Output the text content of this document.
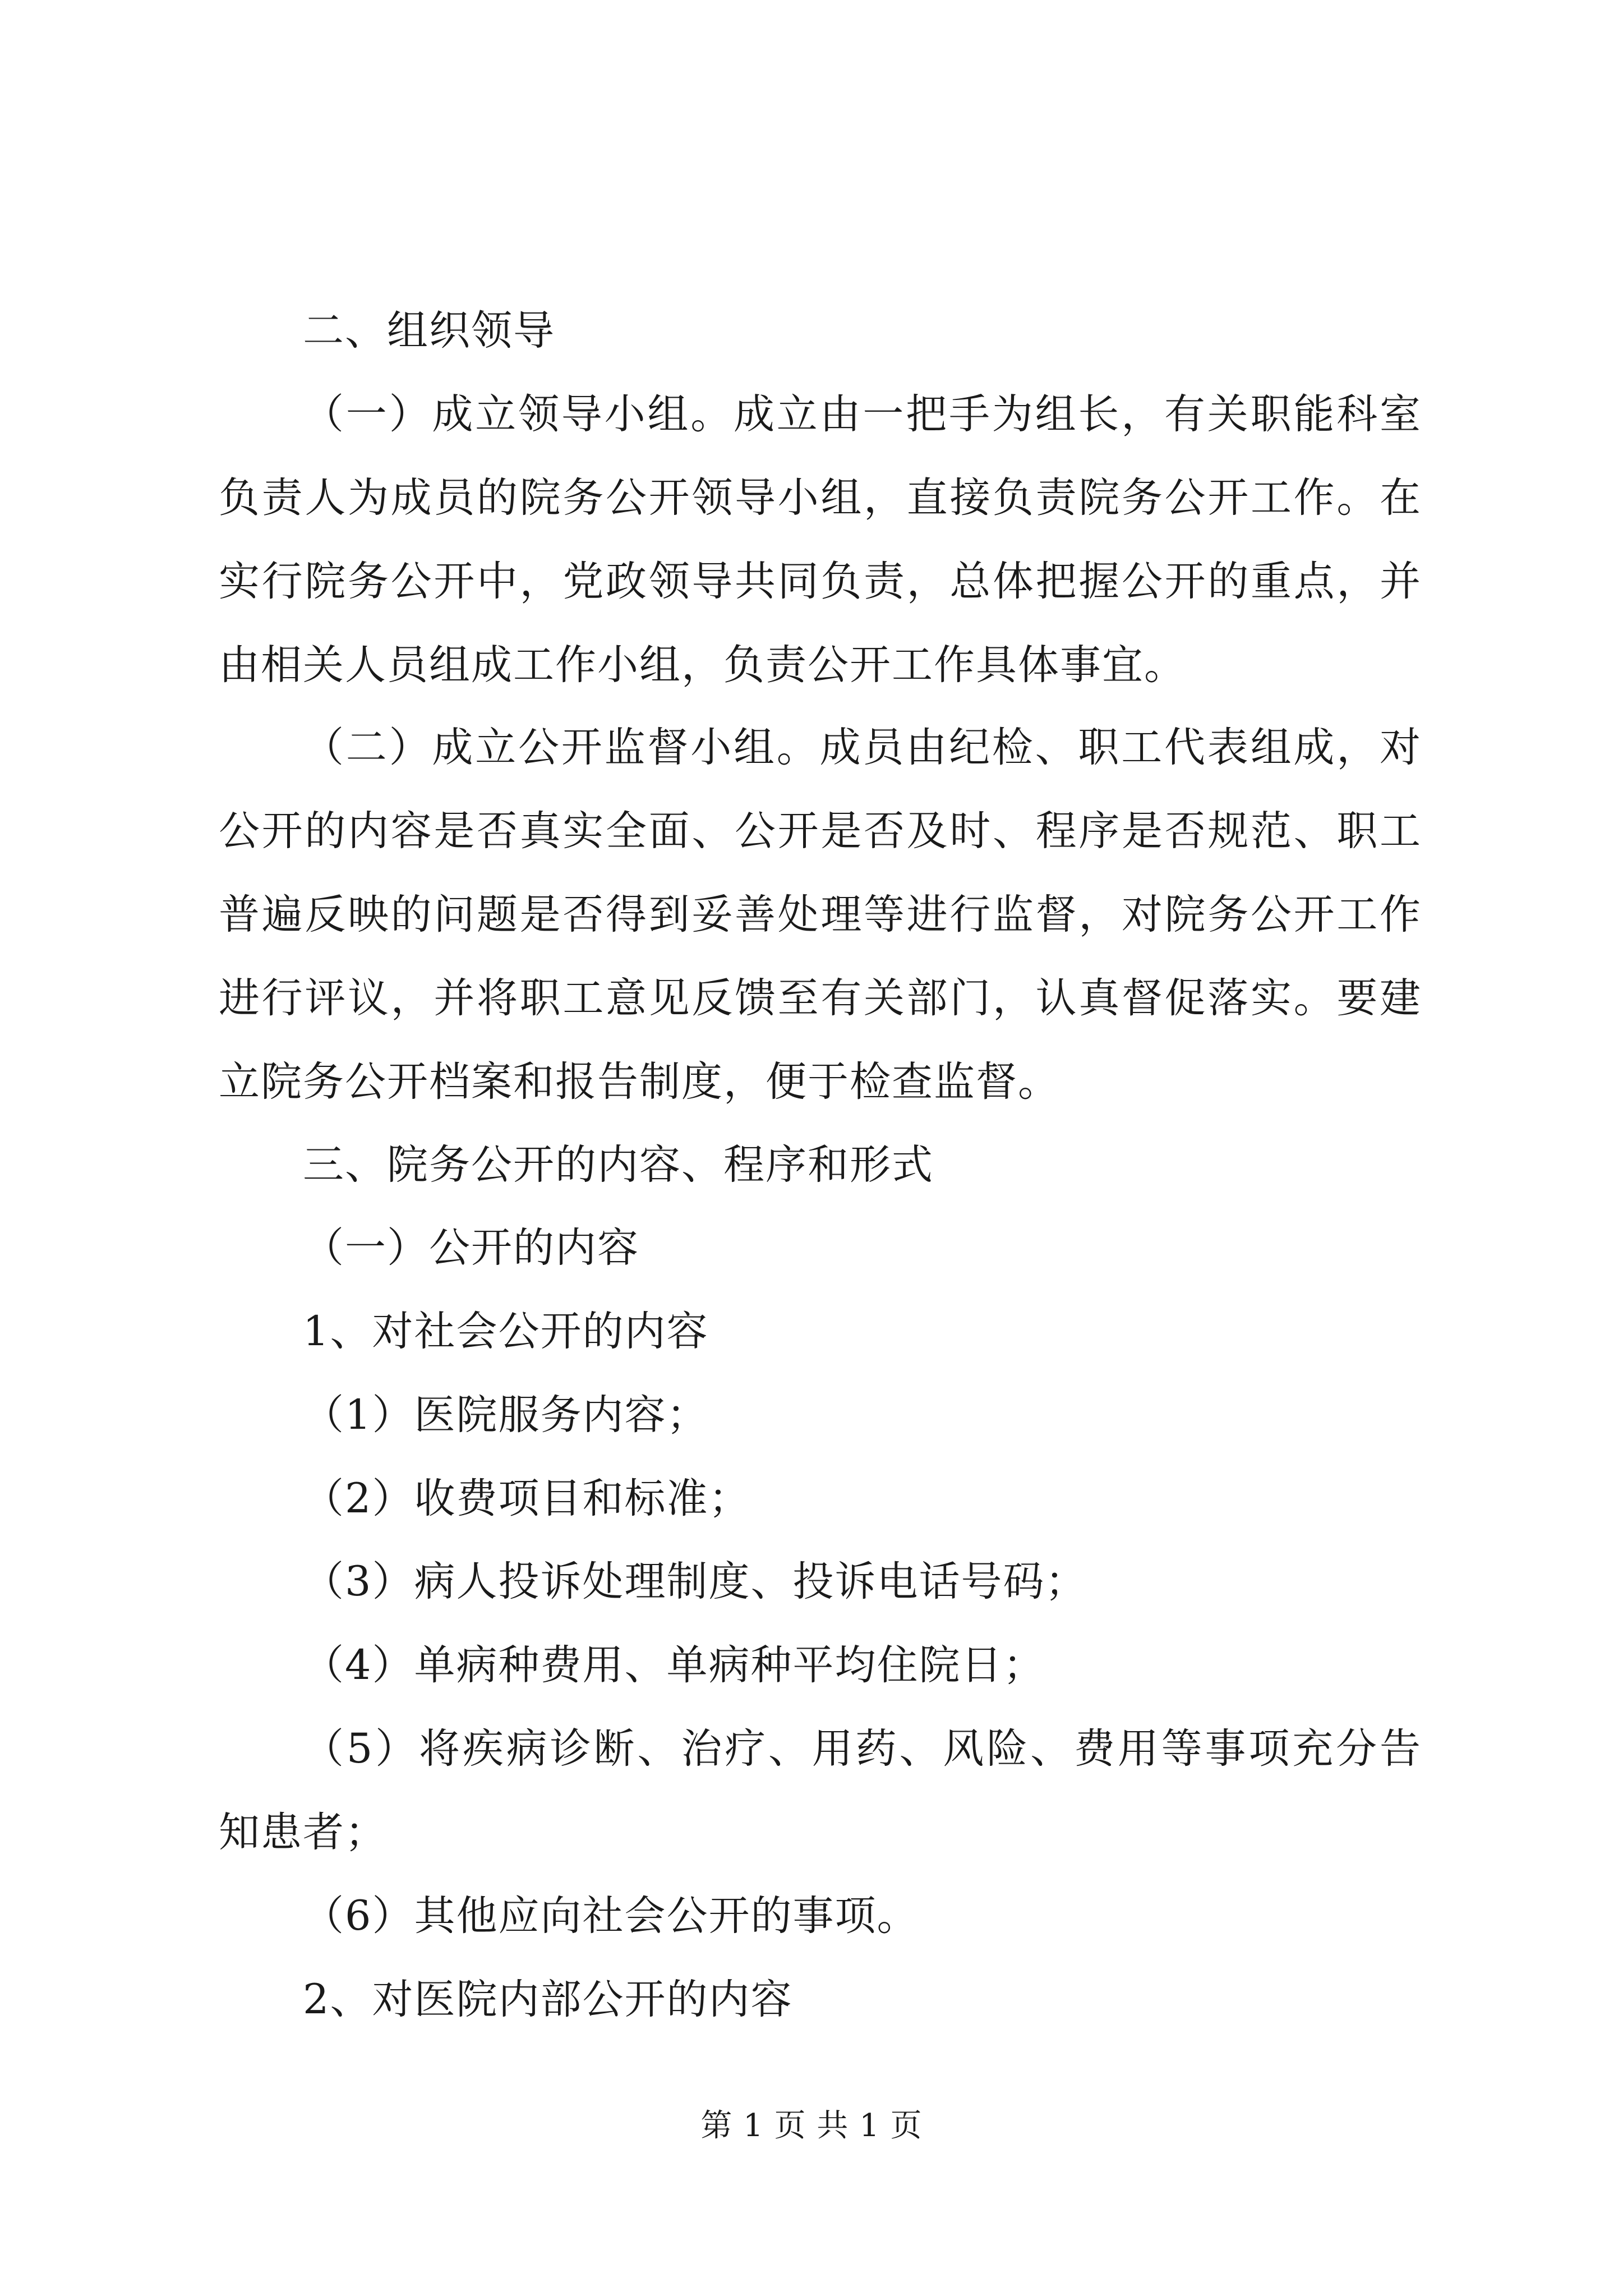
二、组织领导
（一）成立领导小组。成立由一把手为组长，有关职能科室
负责人为成员的院务公开领导小组，直接负责院务公开工作。在
实行院务公开中，党政领导共同负责，总体把握公开的重点，并
由相关人员组成工作小组，负责公开工作具体事宜。
（二）成立公开监督小组。成员由纪检、职工代表组成，对
公开的内容是否真实全面、公开是否及时、程序是否规范、职工
普遍反映的问题是否得到妥善处理等进行监督，对院务公开工作
进行评议，并将职工意见反馈至有关部门，认真督促落实。要建
立院务公开档案和报告制度，便于检查监督。
三、院务公开的内容、程序和形式
（一）公开的内容
1、对社会公开的内容
（1）医院服务内容；
（2）收费项目和标准；
（3）病人投诉处理制度、投诉电话号码；
（4）单病种费用、单病种平均住院日；
（5）将疾病诊断、治疗、用药、风险、费用等事项充分告
知患者；
（6）其他应向社会公开的事项。
2、对医院内部公开的内容
第 1 页 共 1 页
